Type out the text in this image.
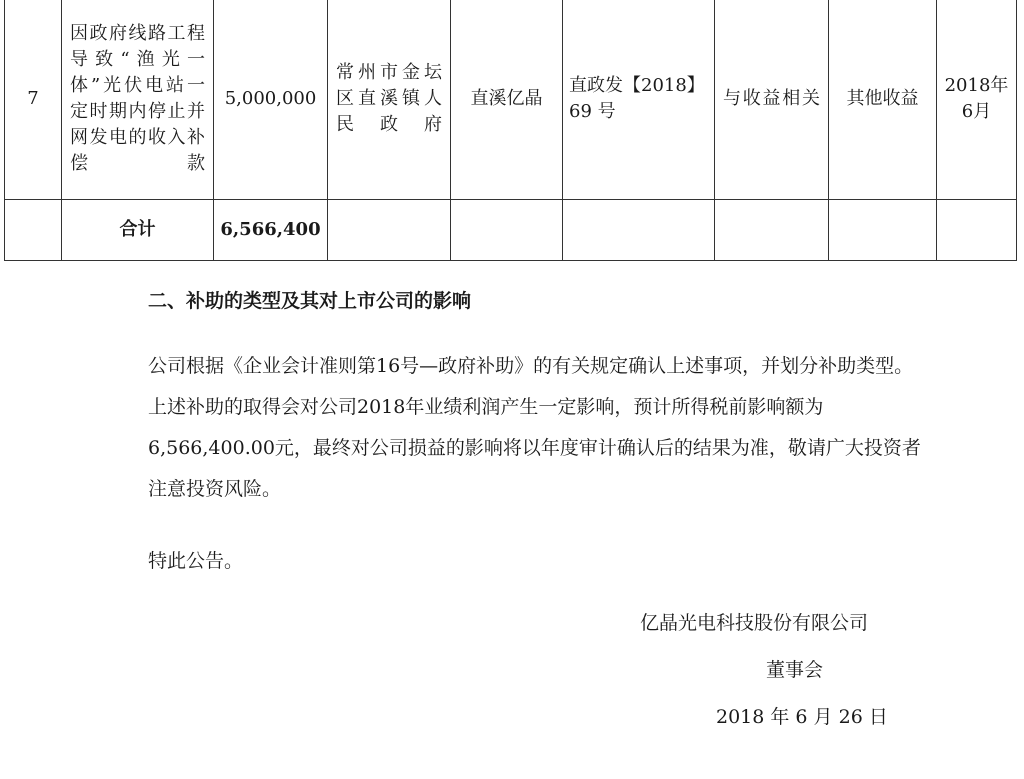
7	因政府线路工程导致“渔光一体”光伏电站一定时期内停止并网发电的收入补偿款	5,000,000	常州市金坛区直溪镇人民政府	直溪亿晶	直政发【2018】69 号	与收益相关	其他收益	2018年6月
	合计	6,566,400						
二、补助的类型及其对上市公司的影响

公司根据《企业会计准则第16号—政府补助》的有关规定确认上述事项，并划分补助类型。上述补助的取得会对公司2018年业绩利润产生一定影响，预计所得税前影响额为6,566,400.00元，最终对公司损益的影响将以年度审计确认后的结果为准，敬请广大投资者注意投资风险。

特此公告。

亿晶光电科技股份有限公司

董事会

2018 年 6 月 26 日
